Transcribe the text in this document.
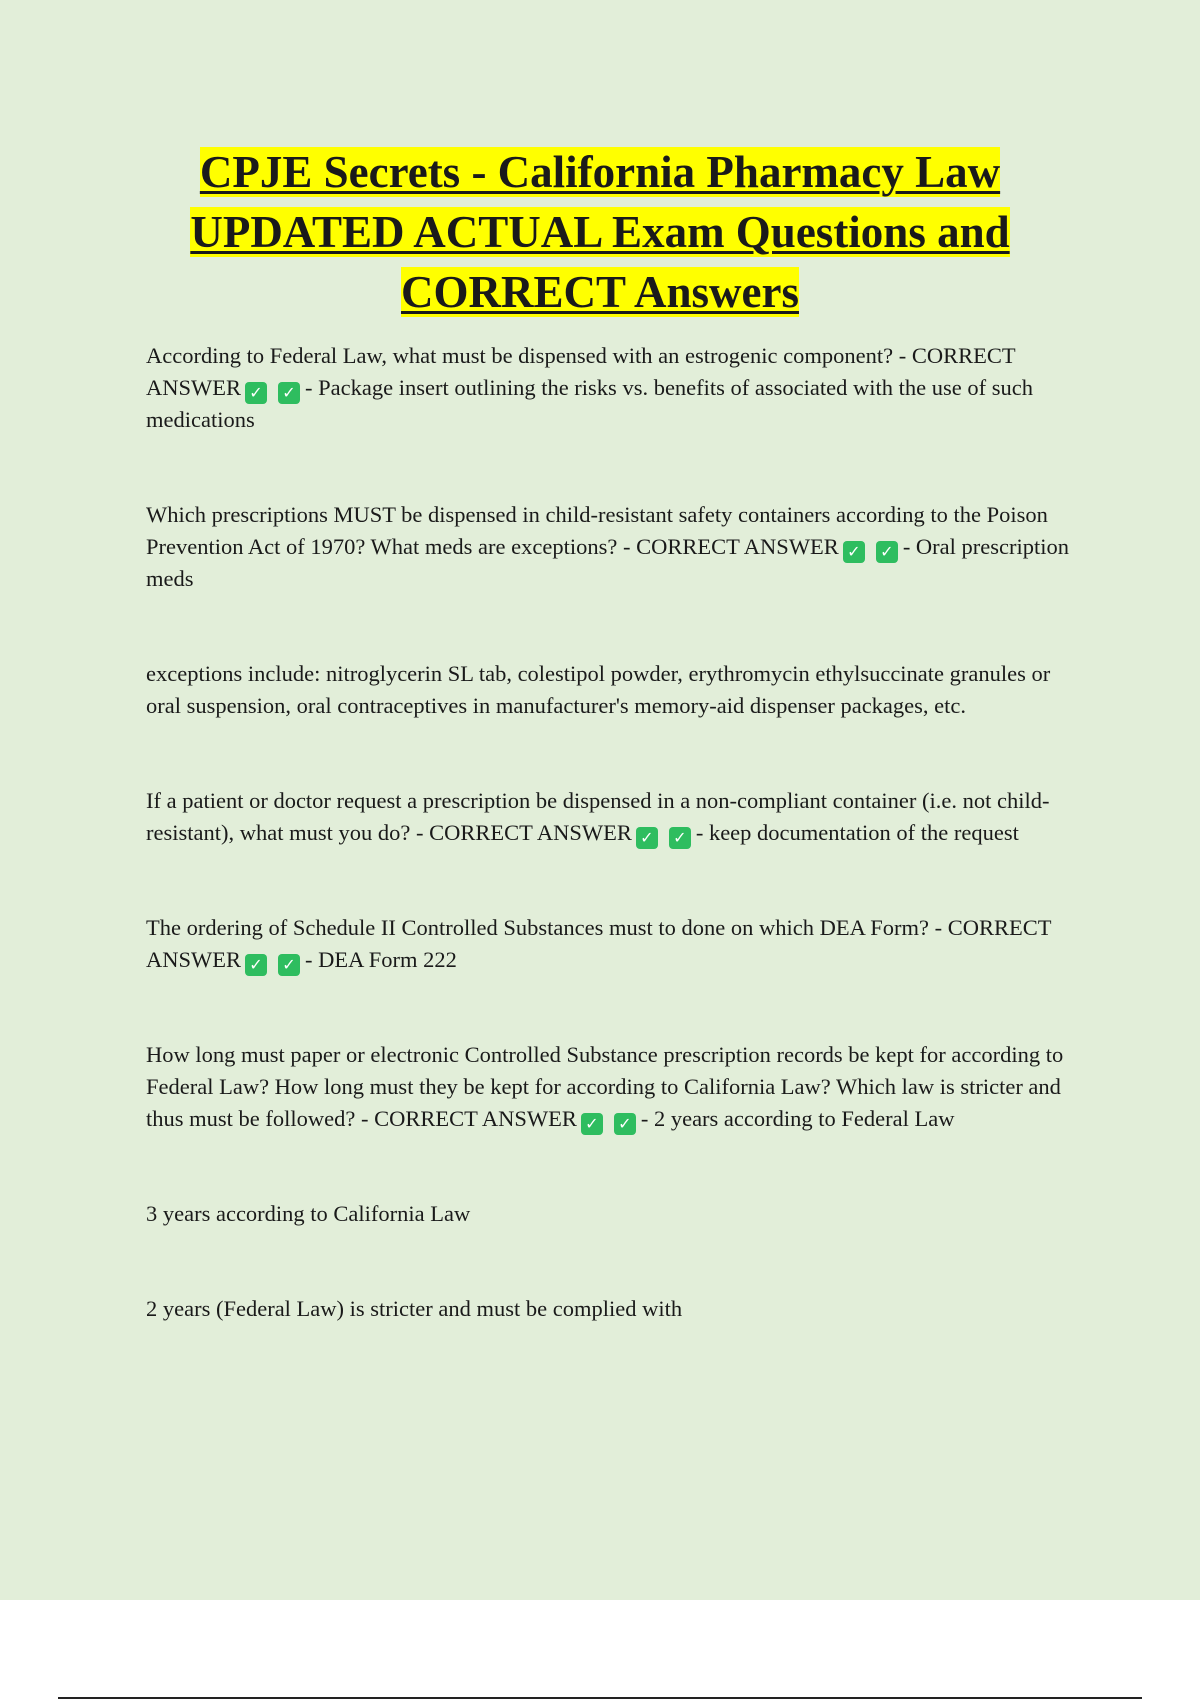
CPJE Secrets - California Pharmacy Law UPDATED ACTUAL Exam Questions and CORRECT Answers

According to Federal Law, what must be dispensed with an estrogenic component? - CORRECT ANSWER ✓ ✓ - Package insert outlining the risks vs. benefits of associated with the use of such medications

Which prescriptions MUST be dispensed in child-resistant safety containers according to the Poison Prevention Act of 1970? What meds are exceptions? - CORRECT ANSWER ✓ ✓ - Oral prescription meds

exceptions include: nitroglycerin SL tab, colestipol powder, erythromycin ethylsuccinate granules or oral suspension, oral contraceptives in manufacturer's memory-aid dispenser packages, etc.

If a patient or doctor request a prescription be dispensed in a non-compliant container (i.e. not child-resistant), what must you do? - CORRECT ANSWER ✓ ✓ - keep documentation of the request

The ordering of Schedule II Controlled Substances must to done on which DEA Form? - CORRECT ANSWER ✓ ✓ - DEA Form 222

How long must paper or electronic Controlled Substance prescription records be kept for according to Federal Law? How long must they be kept for according to California Law? Which law is stricter and thus must be followed? - CORRECT ANSWER ✓ ✓ - 2 years according to Federal Law

3 years according to California Law

2 years (Federal Law) is stricter and must be complied with
